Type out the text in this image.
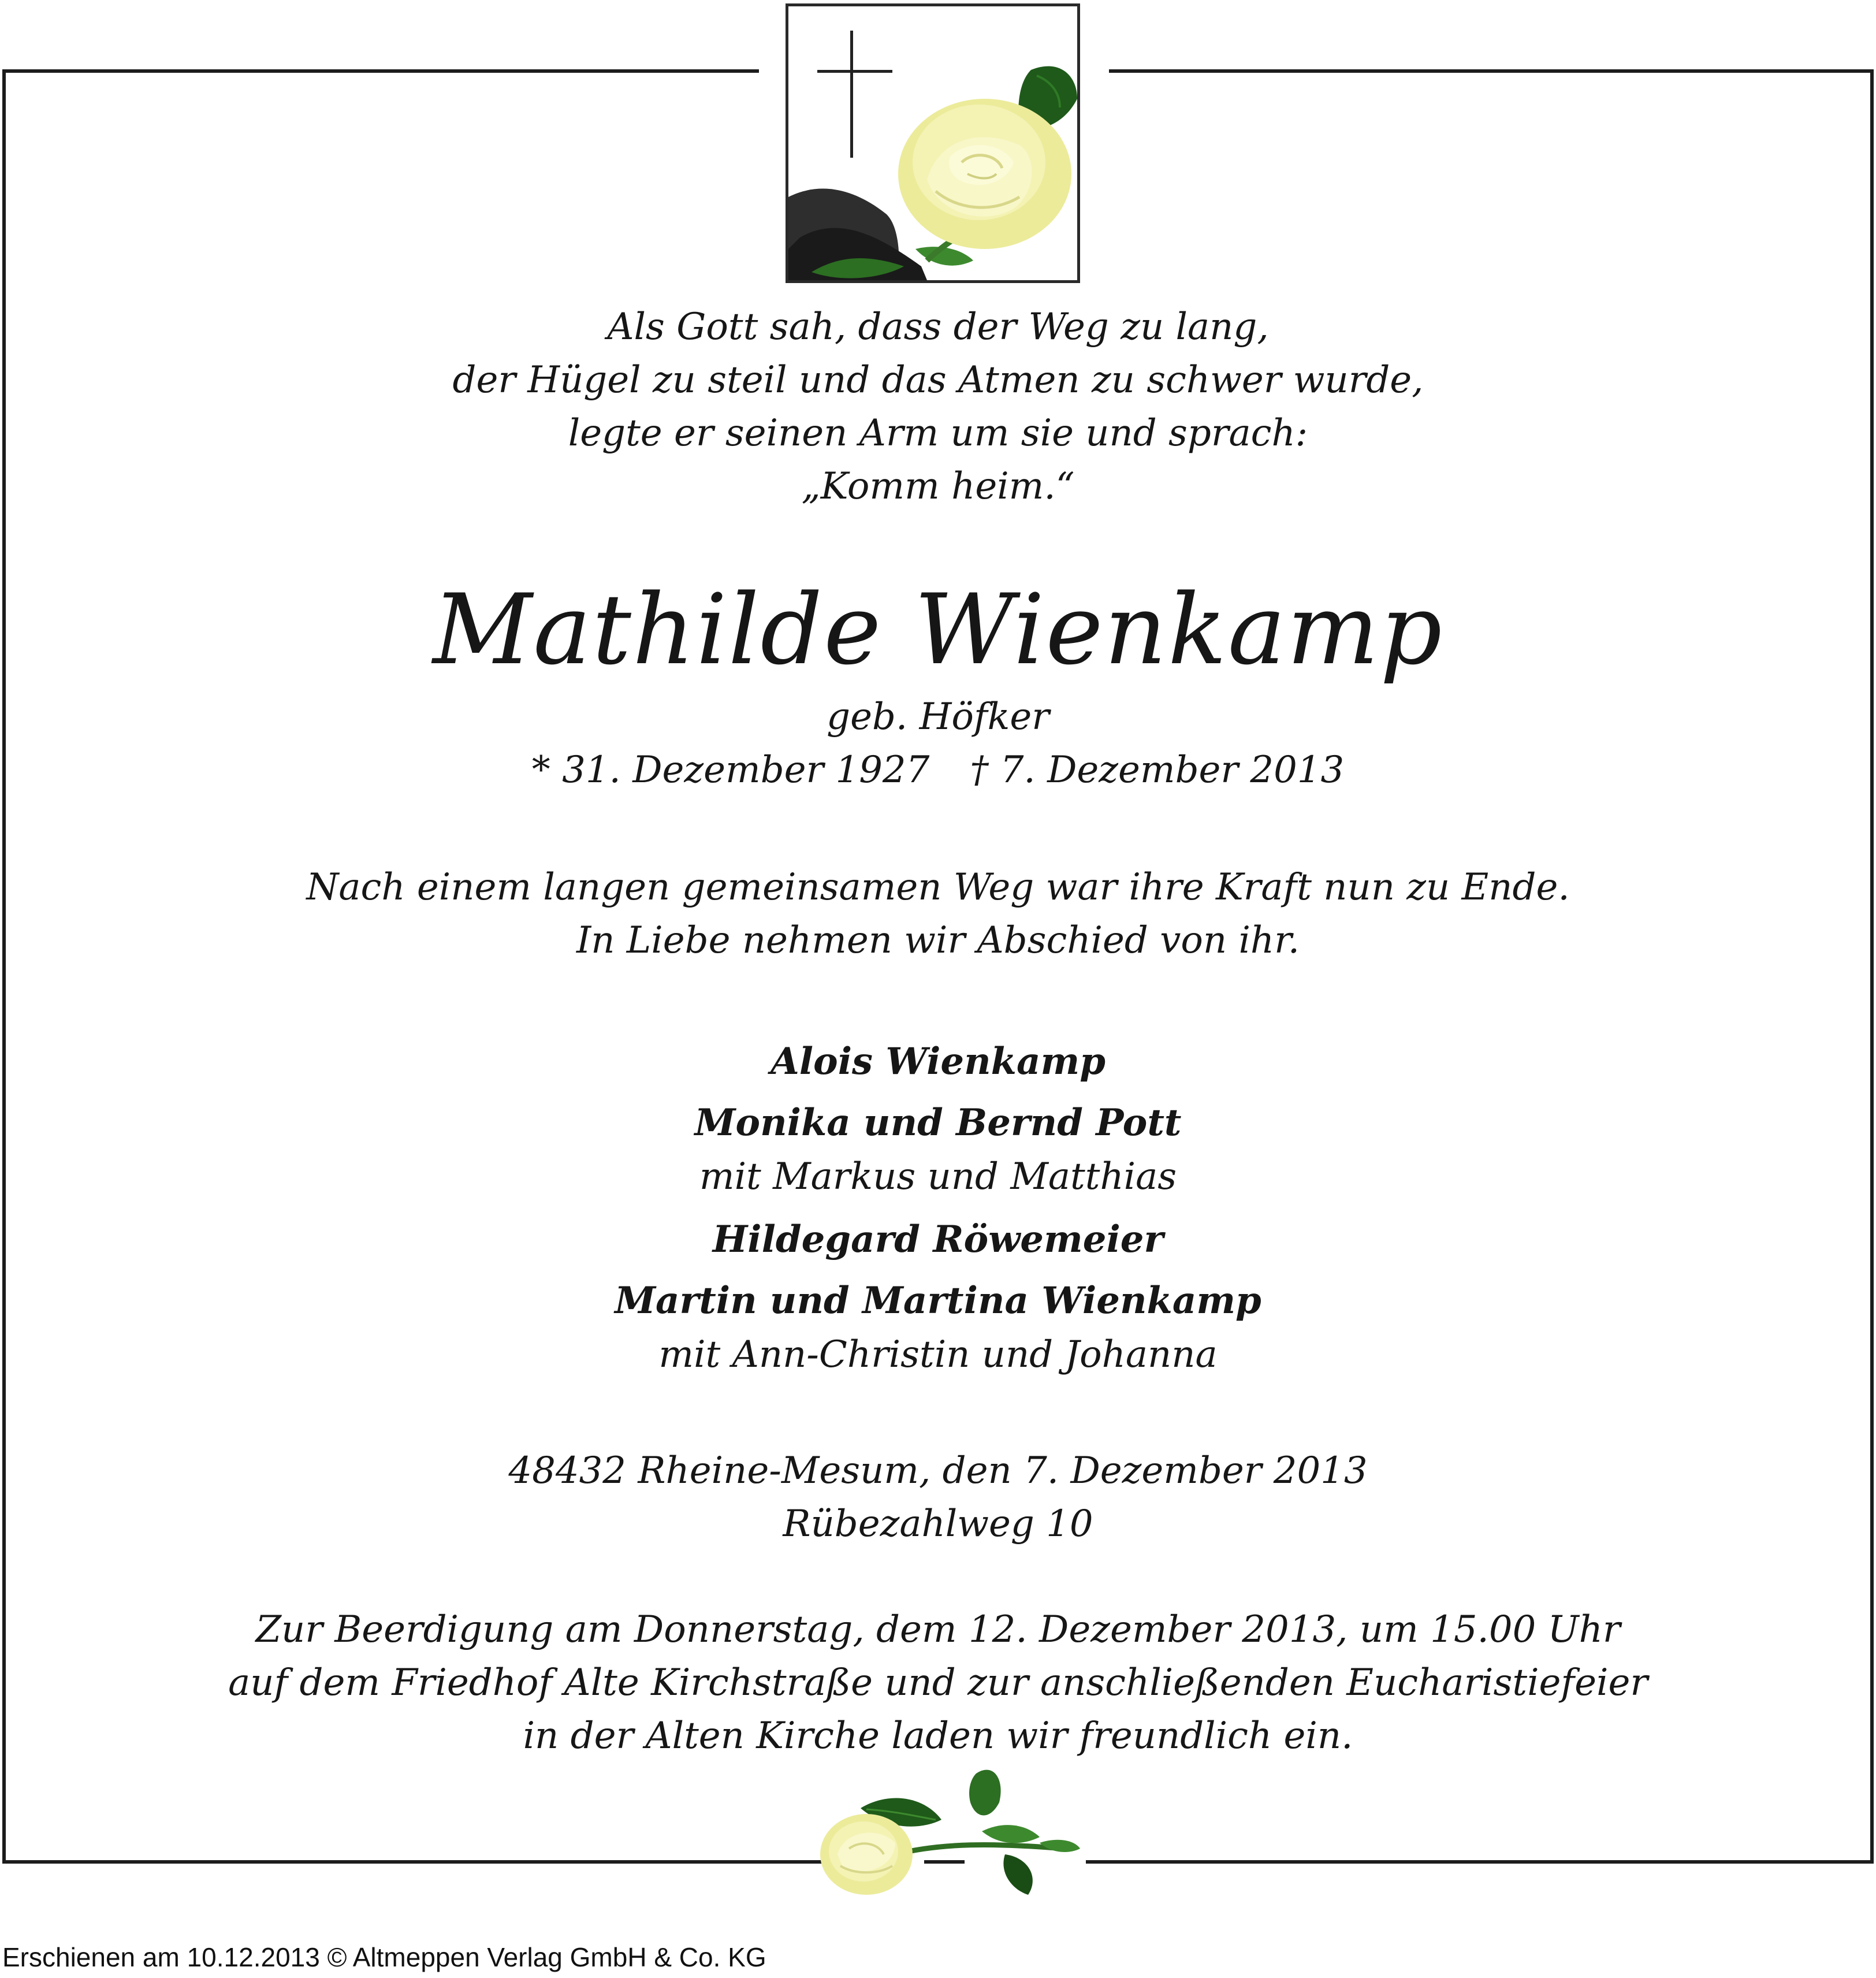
Als Gott sah, dass der Weg zu lang,
der Hügel zu steil und das Atmen zu schwer wurde,
legte er seinen Arm um sie und sprach:
„Komm heim.“
Mathilde Wienkamp
geb. Höfker
* 31. Dezember 1927 † 7. Dezember 2013
Nach einem langen gemeinsamen Weg war ihre Kraft nun zu Ende.
In Liebe nehmen wir Abschied von ihr.
Alois Wienkamp
Monika und Bernd Pott
mit Markus und Matthias
Hildegard Röwemeier
Martin und Martina Wienkamp
mit Ann-Christin und Johanna
48432 Rheine-Mesum, den 7. Dezember 2013
Rübezahlweg 10
Zur Beerdigung am Donnerstag, dem 12. Dezember 2013, um 15.00 Uhr
auf dem Friedhof Alte Kirchstraße und zur anschließenden Eucharistiefeier
in der Alten Kirche laden wir freundlich ein.
Erschienen am 10.12.2013 © Altmeppen Verlag GmbH & Co. KG
